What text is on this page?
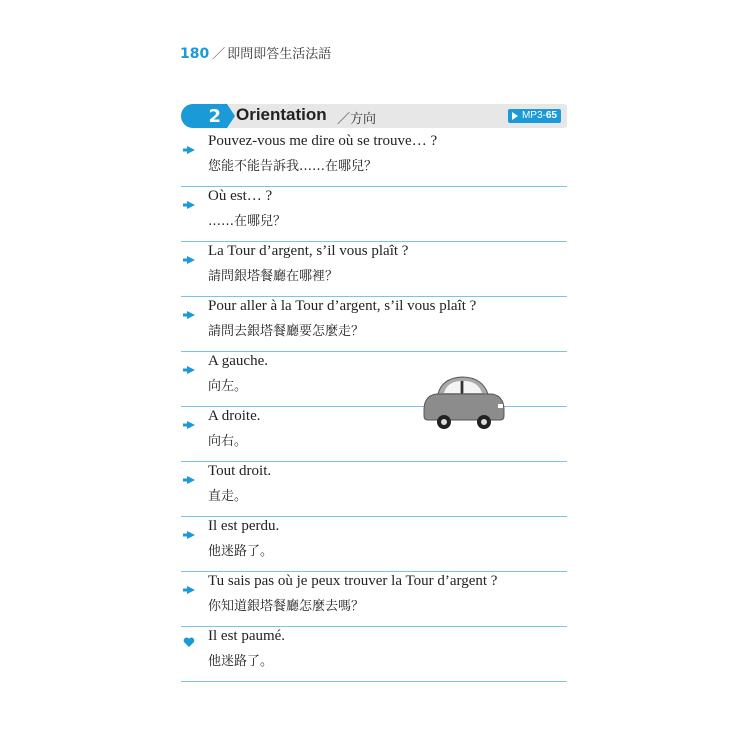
180 ／ 即問即答生活法語
2 Orientation ／方向	MP3-65
Pouvez-vous me dire où se trouve… ?
您能不能告訴我……在哪兒？
Où est… ?
……在哪兒？
La Tour d’argent, s’il vous plaît ?
請問銀塔餐廳在哪裡？
Pour aller à la Tour d’argent, s’il vous plaît ?
請問去銀塔餐廳要怎麼走？
A gauche.
向左。
A droite.
向右。
Tout droit.
直走。
Il est perdu.
他迷路了。
Tu sais pas où je peux trouver la Tour d’argent ?
你知道銀塔餐廳怎麼去嗎？
Il est paumé.
他迷路了。
